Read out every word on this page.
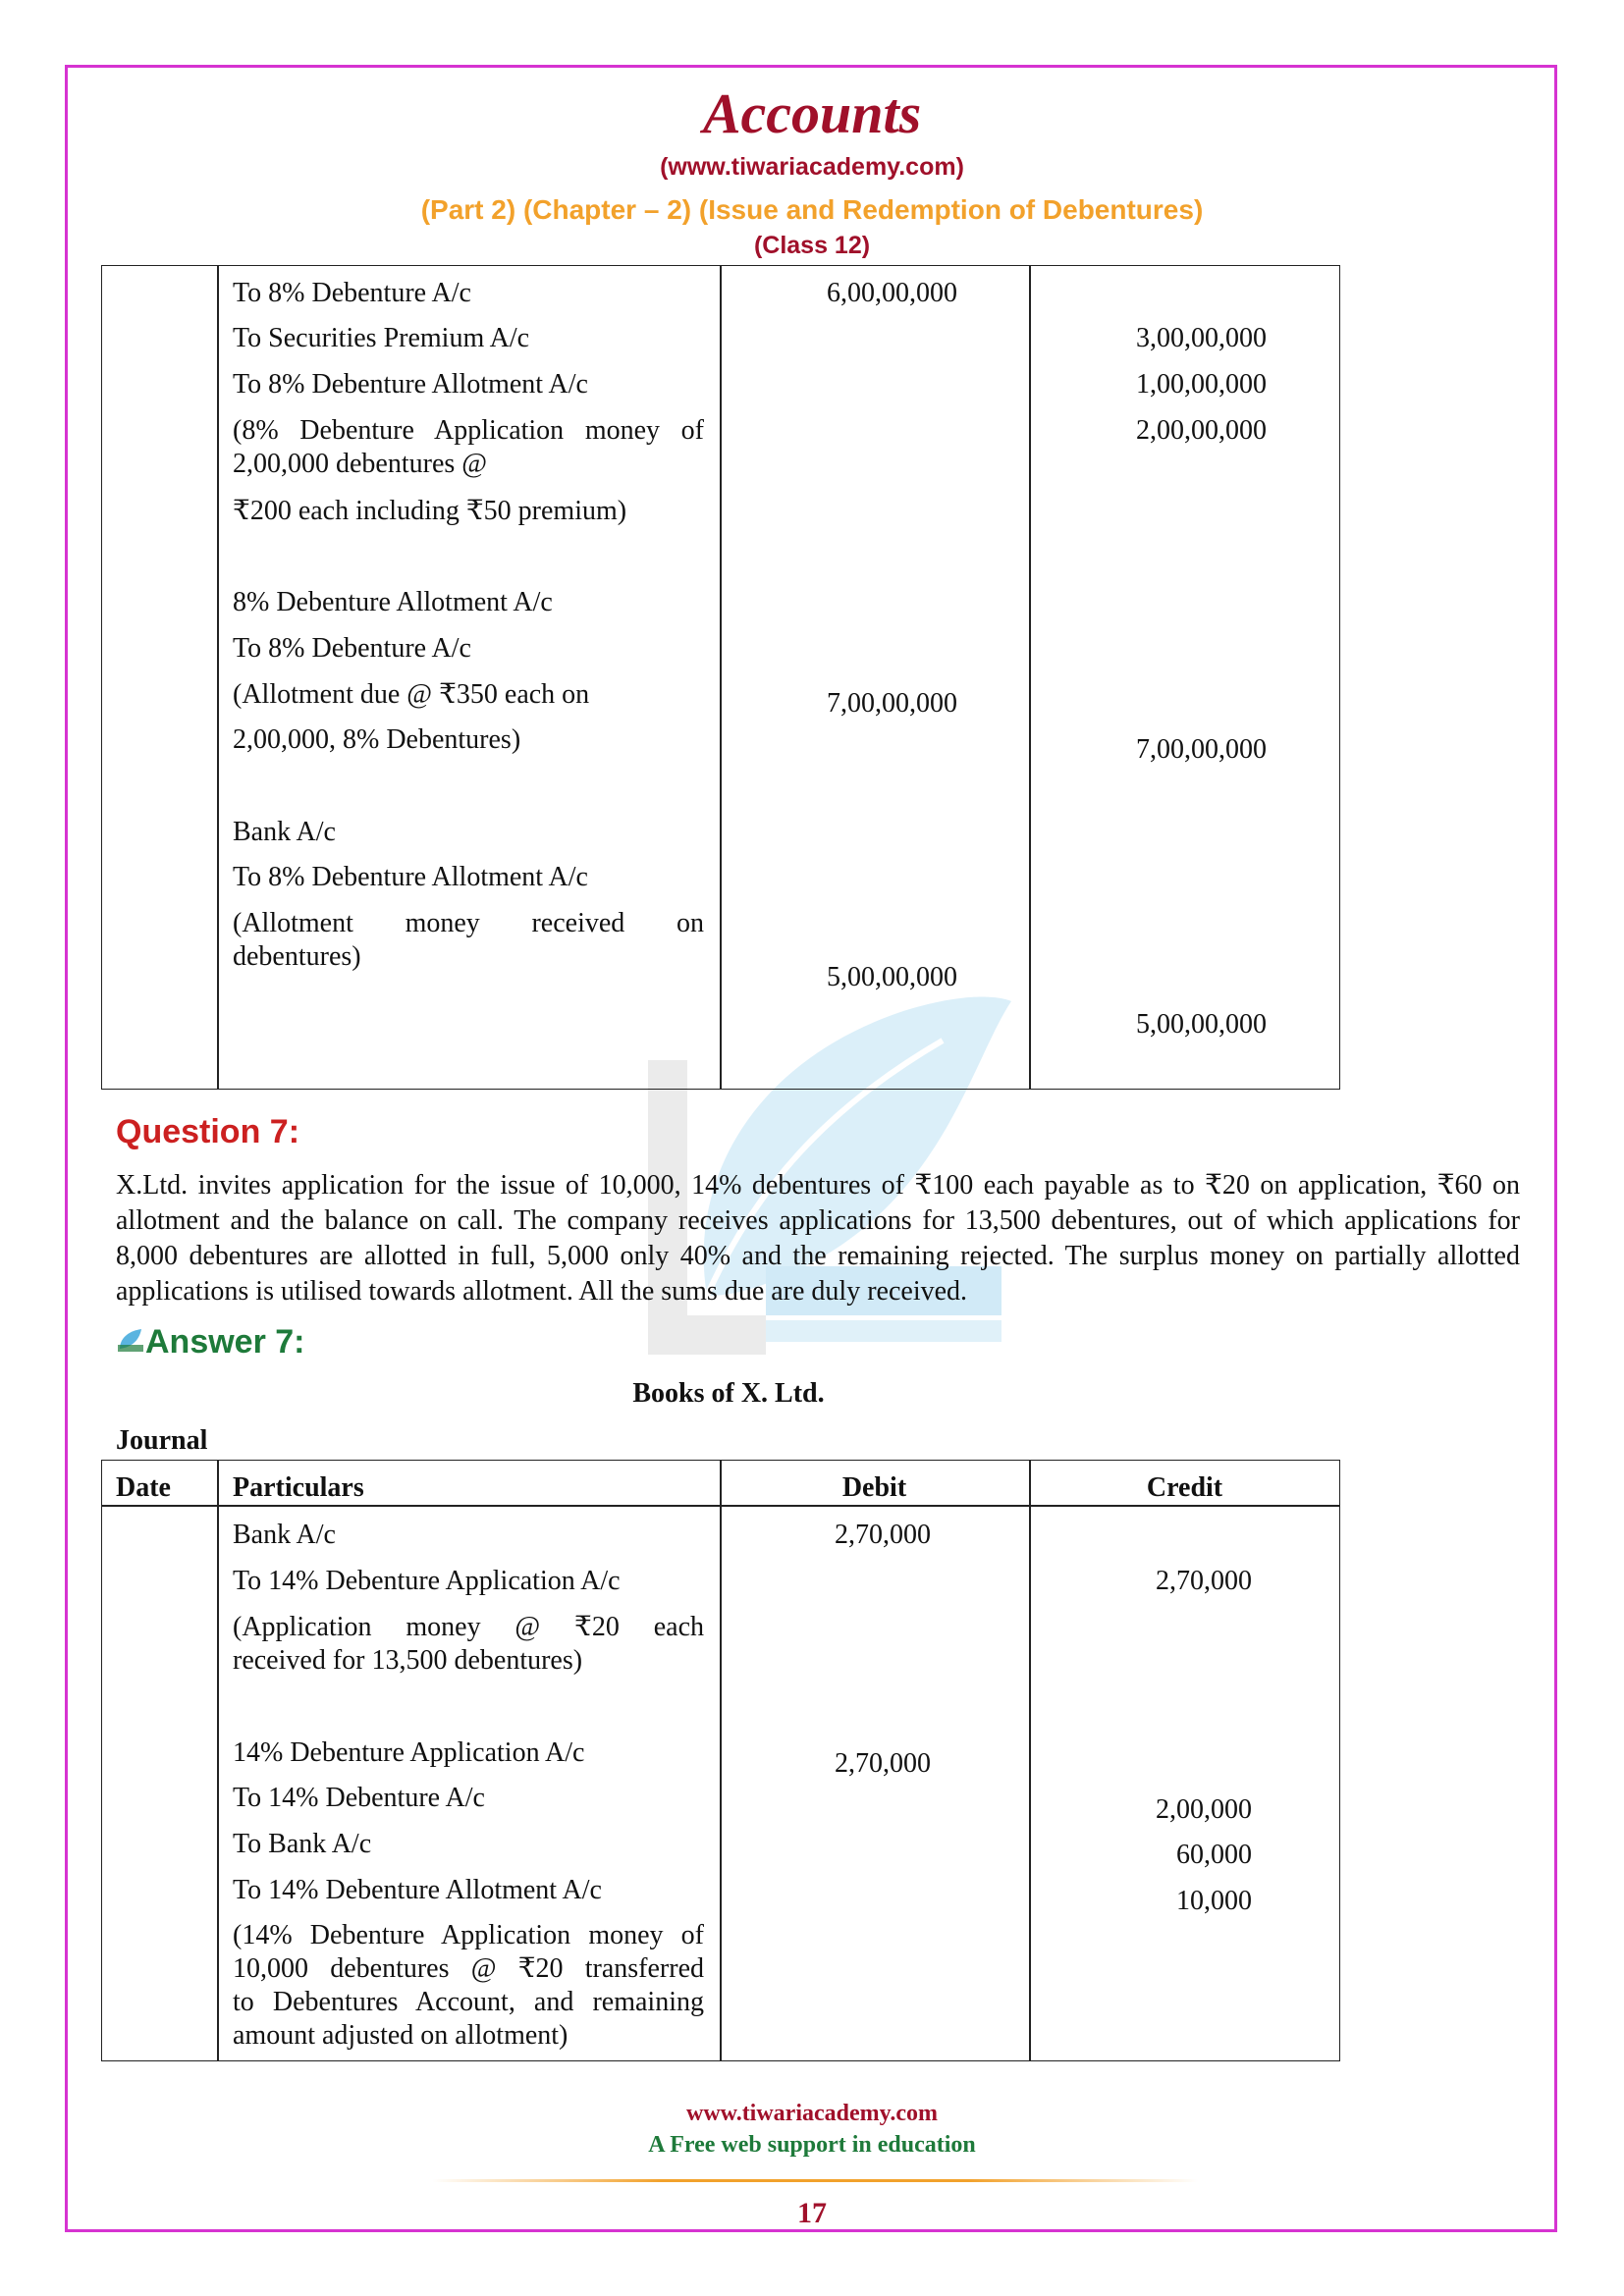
Accounts
(www.tiwariacademy.com)
(Part 2) (Chapter – 2) (Issue and Redemption of Debentures)
(Class 12)
To 8% Debenture A/c
To Securities Premium A/c
To 8% Debenture Allotment A/c
(8% Debenture Application money of
2,00,000 debentures @
₹200 each including ₹50 premium)
8% Debenture Allotment A/c
To 8% Debenture A/c
(Allotment due @ ₹350 each on
2,00,000, 8% Debentures)
Bank A/c
To 8% Debenture Allotment A/c
(Allotment money received on
debentures)
6,00,00,000
7,00,00,000
5,00,00,000
3,00,00,000
1,00,00,000
2,00,00,000
7,00,00,000
5,00,00,000
Question 7:
X.Ltd. invites application for the issue of 10,000, 14% debentures of ₹100 each payable as to ₹20 on application, ₹60 on allotment and the balance on call. The company receives applications for 13,500 debentures, out of which applications for 8,000 debentures are allotted in full, 5,000 only 40% and the remaining rejected. The surplus money on partially allotted applications is utilised towards allotment. All the sums due are duly received.
Answer 7:
Books of X. Ltd.
Journal
Date Particulars	Debit	Credit
Bank A/c
To 14% Debenture Application A/c
(Application money @ ₹20 each
received for 13,500 debentures)
14% Debenture Application A/c
To 14% Debenture A/c
To Bank A/c
To 14% Debenture Allotment A/c
(14% Debenture Application money of
10,000 debentures @ ₹20 transferred
to Debentures Account, and remaining
amount adjusted on allotment)
2,70,000
2,70,000
2,70,000
2,00,000
60,000
10,000
www.tiwariacademy.com
A Free web support in education
17
